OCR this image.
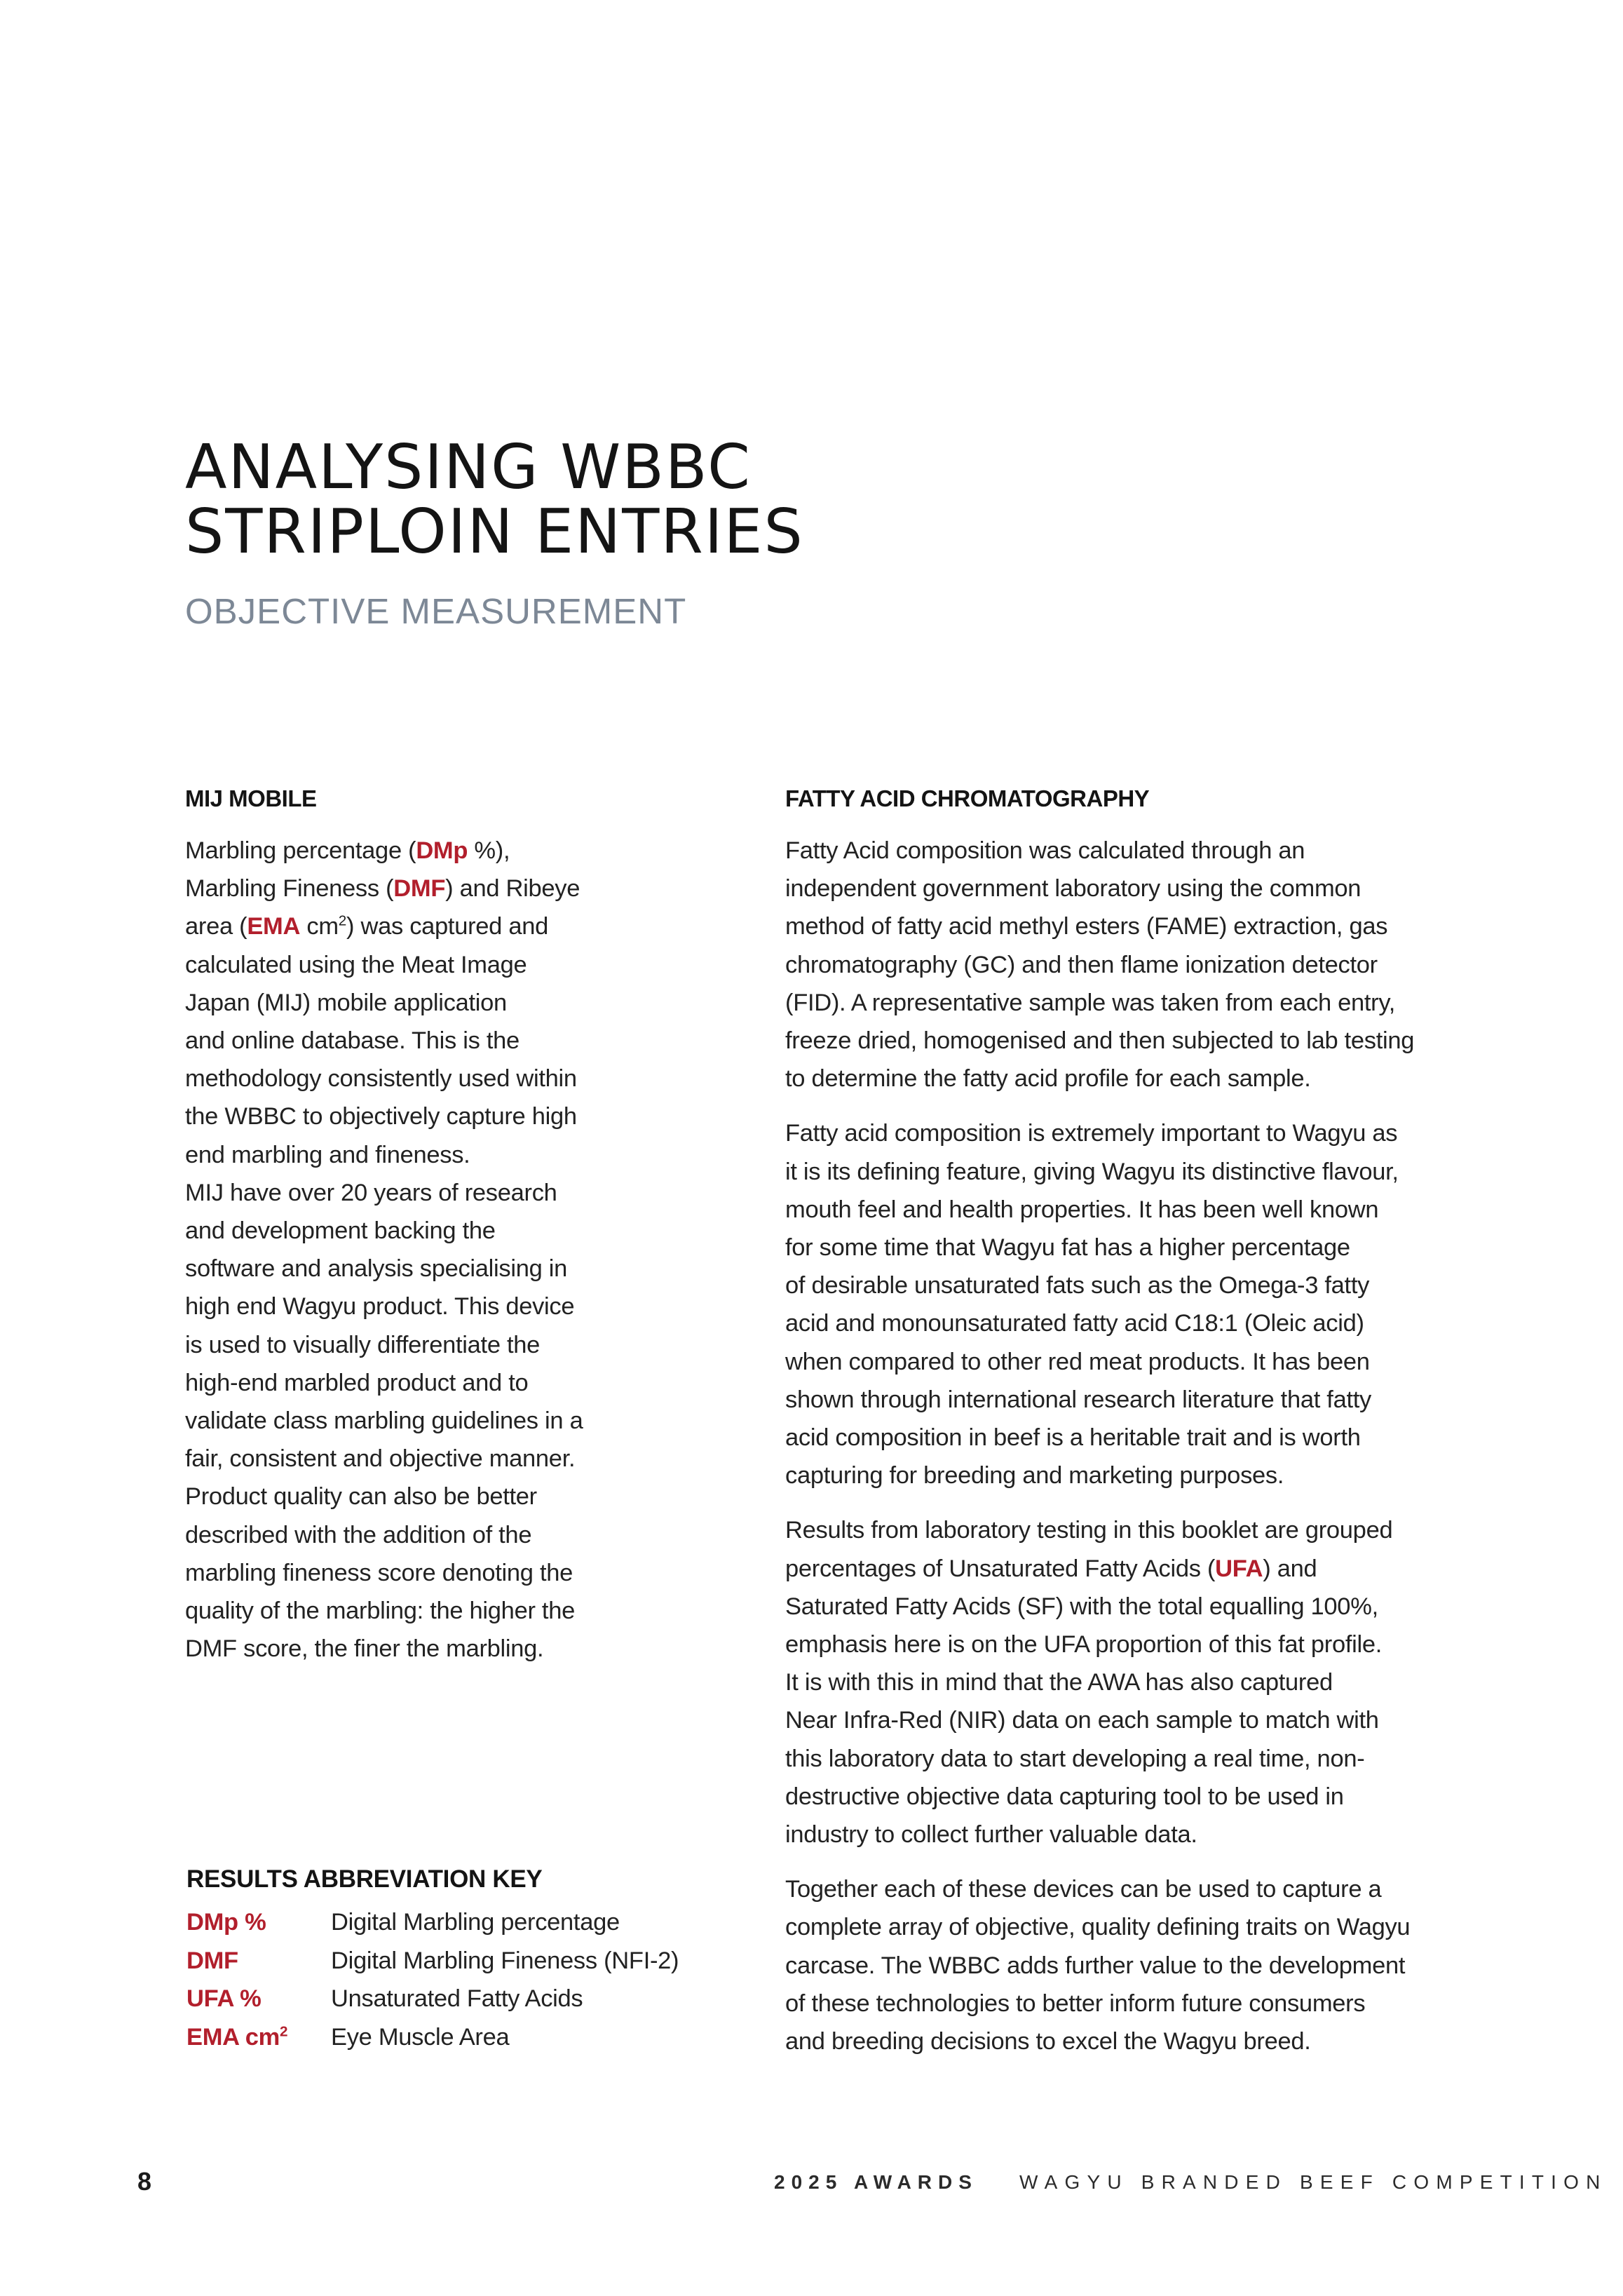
ANALYSING WBBC
STRIPLOIN ENTRIES
OBJECTIVE MEASUREMENT
MIJ MOBILE

Marbling percentage (DMp %),
Marbling Fineness (DMF) and Ribeye
area (EMA $cm^2$) was captured and
calculated using the Meat Image
Japan (MIJ) mobile application
and online database. This is the
methodology consistently used within
the WBBC to objectively capture high
end marbling and fineness.
MIJ have over 20 years of research
and development backing the
software and analysis specialising in
high end Wagyu product. This device
is used to visually differentiate the
high-end marbled product and to
validate class marbling guidelines in a
fair, consistent and objective manner.
Product quality can also be better
described with the addition of the
marbling fineness score denoting the
quality of the marbling: the higher the
DMF score, the finer the marbling.

FATTY ACID CHROMATOGRAPHY

Fatty Acid composition was calculated through an
independent government laboratory using the common
method of fatty acid methyl esters (FAME) extraction, gas
chromatography (GC) and then flame ionization detector
(FID). A representative sample was taken from each entry,
freeze dried, homogenised and then subjected to lab testing
to determine the fatty acid profile for each sample.

Fatty acid composition is extremely important to Wagyu as
it is its defining feature, giving Wagyu its distinctive flavour,
mouth feel and health properties. It has been well known
for some time that Wagyu fat has a higher percentage
of desirable unsaturated fats such as the Omega-3 fatty
acid and monounsaturated fatty acid C18:1 (Oleic acid)
when compared to other red meat products. It has been
shown through international research literature that fatty
acid composition in beef is a heritable trait and is worth
capturing for breeding and marketing purposes.

Results from laboratory testing in this booklet are grouped
percentages of Unsaturated Fatty Acids (UFA) and
Saturated Fatty Acids (SF) with the total equalling 100%,
emphasis here is on the UFA proportion of this fat profile.
It is with this in mind that the AWA has also captured
Near Infra-Red (NIR) data on each sample to match with
this laboratory data to start developing a real time, non-
destructive objective data capturing tool to be used in
industry to collect further valuable data.

Together each of these devices can be used to capture a
complete array of objective, quality defining traits on Wagyu
carcase. The WBBC adds further value to the development
of these technologies to better inform future consumers
and breeding decisions to excel the Wagyu breed.

RESULTS ABBREVIATION KEY
DMp %	Digital Marbling percentage
DMF	Digital Marbling Fineness (NFI-2)
UFA %	Unsaturated Fatty Acids
EMA $cm^2$	Eye Muscle Area
8	2025 AWARDS WAGYU BRANDED BEEF COMPETITION
